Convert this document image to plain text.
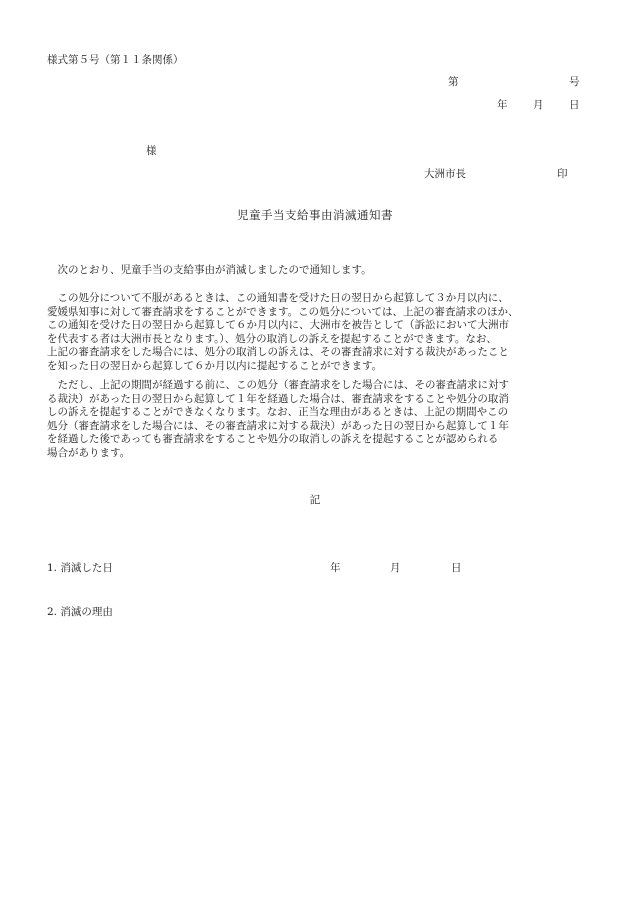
様式第５号（第１１条関係）
第	号
年 月 日
様
大洲市長	印
児童手当支給事由消滅通知書
　次のとおり、児童手当の支給事由が消滅しましたので通知します。
　この処分について不服があるときは、この通知書を受けた日の翌日から起算して３か月以内に、
愛媛県知事に対して審査請求をすることができます。この処分については、上記の審査請求のほか、
この通知を受けた日の翌日から起算して６か月以内に、大洲市を被告として（訴訟において大洲市
を代表する者は大洲市長となります。）、処分の取消しの訴えを提起することができます。なお、
上記の審査請求をした場合には、処分の取消しの訴えは、その審査請求に対する裁決があったこと
を知った日の翌日から起算して６か月以内に提起することができます。
　ただし、上記の期間が経過する前に、この処分（審査請求をした場合には、その審査請求に対す
る裁決）があった日の翌日から起算して１年を経過した場合は、審査請求をすることや処分の取消
しの訴えを提起することができなくなります。なお、正当な理由があるときは、上記の期間やこの
処分（審査請求をした場合には、その審査請求に対する裁決）があった日の翌日から起算して１年
を経過した後であっても審査請求をすることや処分の取消しの訴えを提起することが認められる
場合があります。
記
1. 消滅した日	年	月	日
2. 消滅の理由
